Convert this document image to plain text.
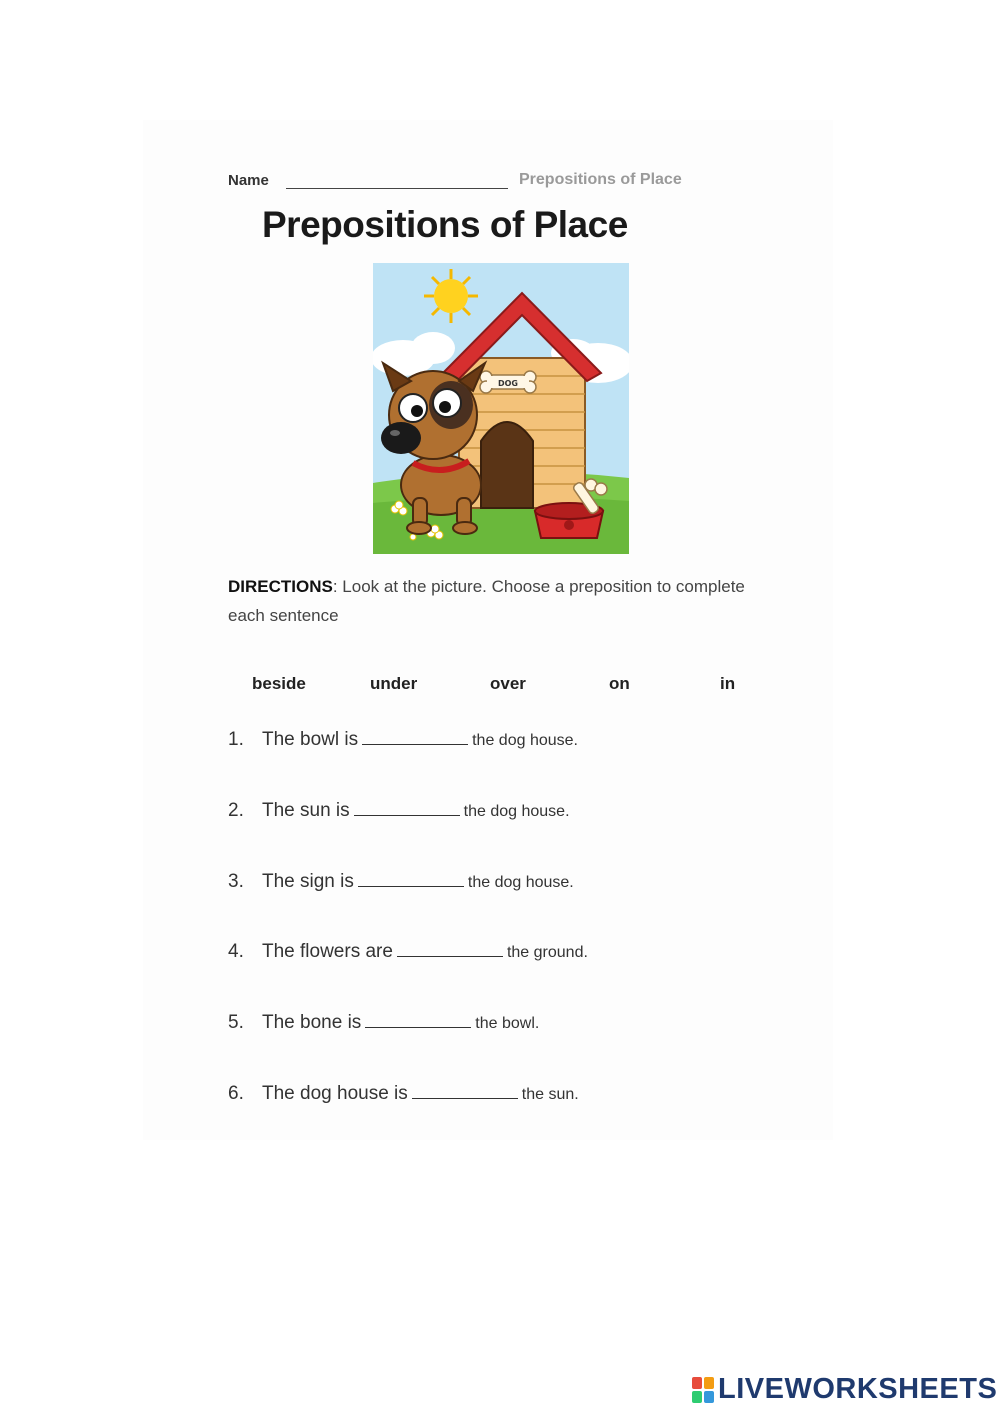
Name	Prepositions of Place
Prepositions of Place
DOG
DIRECTIONS: Look at the picture. Choose a preposition to complete each sentence
beside	under	over	on	in
1. The bowl is	the dog house.
2. The sun is	the dog house.
3. The sign is	the dog house.
4. The flowers are	the ground.
5. The bone is	the bowl.
6. The dog house is	the sun.
LIVEWORKSHEETS
